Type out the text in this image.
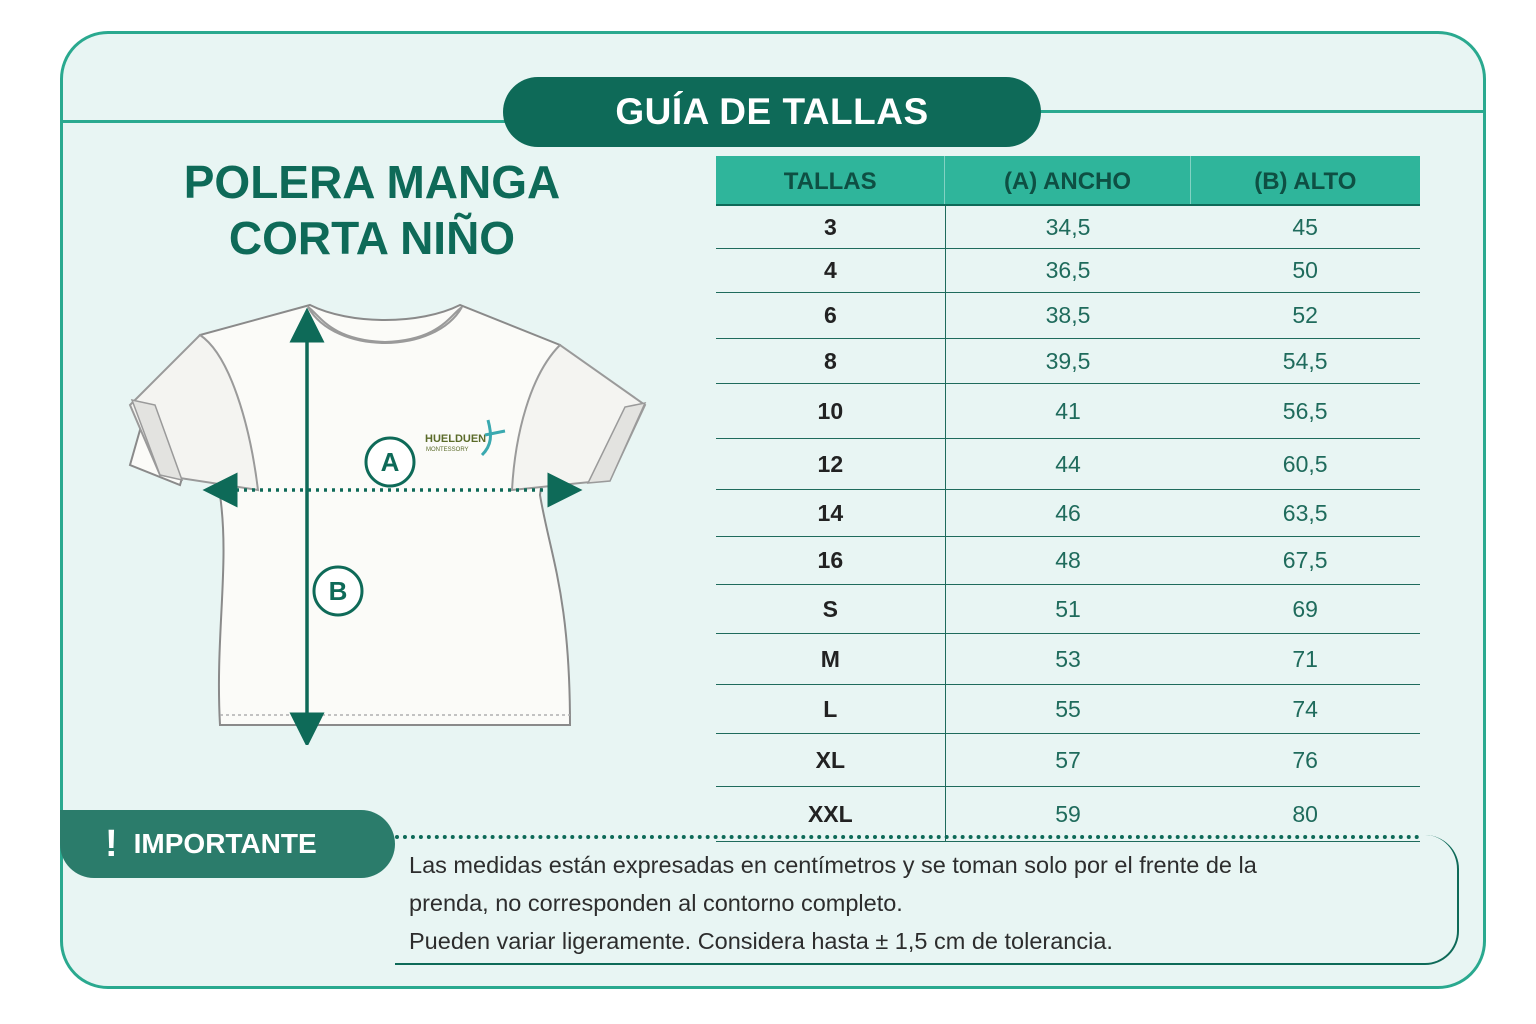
GUÍA DE TALLAS
POLERA MANGA
CORTA NIÑO
HUELDUEN
MONTESSORY
A
B
TALLAS	(A) ANCHO	(B) ALTO
3	34,5	45
4	36,5	50
6	38,5	52
8	39,5	54,5
10	41	56,5
12	44	60,5
14	46	63,5
16	48	67,5
S	51	69
M	53	71
L	55	74
XL	57	76
XXL	59	80
! IMPORTANTE
Las medidas están expresadas en centímetros y se toman solo por el frente de la
prenda, no corresponden al contorno completo.
Pueden variar ligeramente. Considera hasta ± 1,5 cm de tolerancia.
